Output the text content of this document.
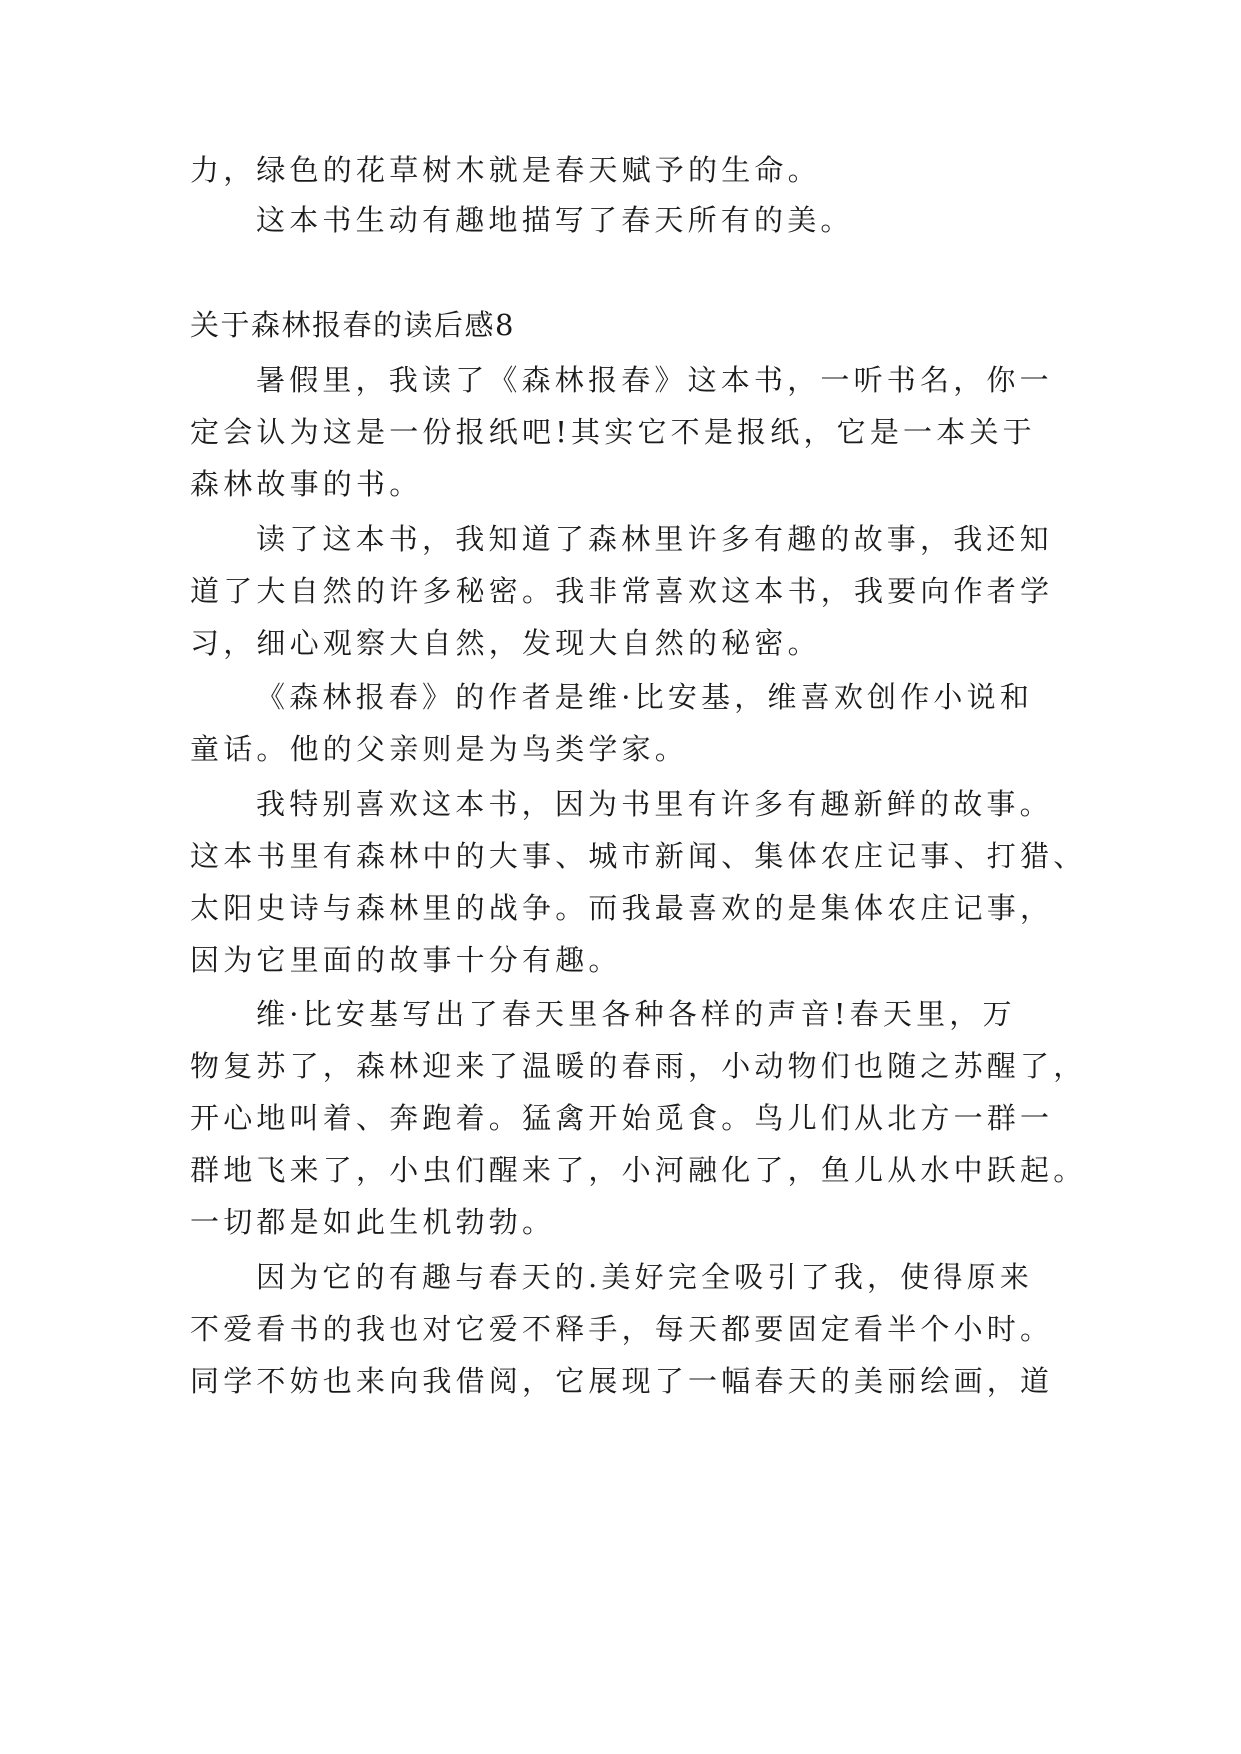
力，绿色的花草树木就是春天赋予的生命。
这本书生动有趣地描写了春天所有的美。
关于森林报春的读后感8
暑假里，我读了《森林报春》这本书，一听书名，你一
定会认为这是一份报纸吧!其实它不是报纸，它是一本关于
森林故事的书。
读了这本书，我知道了森林里许多有趣的故事，我还知
道了大自然的许多秘密。我非常喜欢这本书，我要向作者学
习，细心观察大自然，发现大自然的秘密。
《森林报春》的作者是维·比安基，维喜欢创作小说和
童话。他的父亲则是为鸟类学家。
我特别喜欢这本书，因为书里有许多有趣新鲜的故事。
这本书里有森林中的大事、城市新闻、集体农庄记事、打猎、
太阳史诗与森林里的战争。而我最喜欢的是集体农庄记事，
因为它里面的故事十分有趣。
维·比安基写出了春天里各种各样的声音!春天里，万
物复苏了，森林迎来了温暖的春雨，小动物们也随之苏醒了，
开心地叫着、奔跑着。猛禽开始觅食。鸟儿们从北方一群一
群地飞来了，小虫们醒来了，小河融化了，鱼儿从水中跃起。
一切都是如此生机勃勃。
因为它的有趣与春天的.美好完全吸引了我，使得原来
不爱看书的我也对它爱不释手，每天都要固定看半个小时。
同学不妨也来向我借阅，它展现了一幅春天的美丽绘画，道
